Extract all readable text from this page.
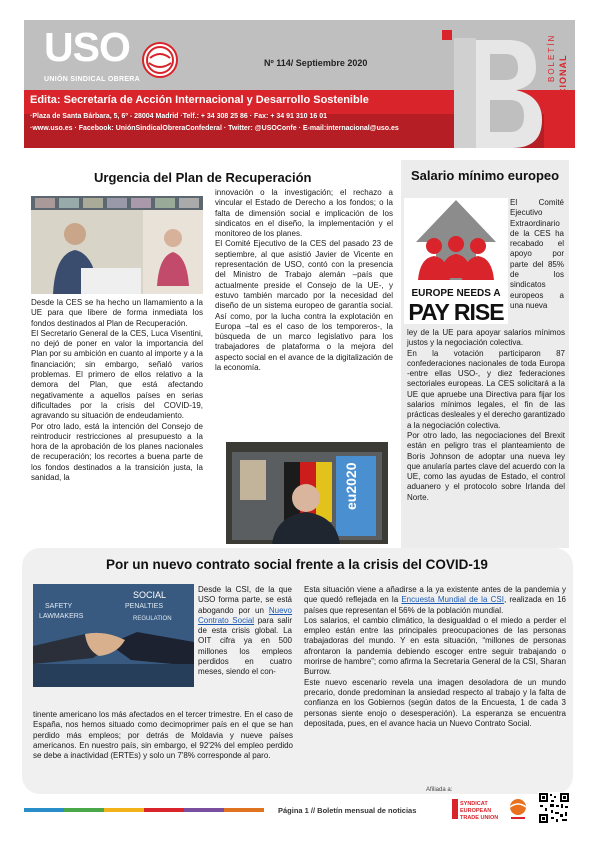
USO
UNIÓN SINDICAL OBRERA
Nº 114/ Septiembre 2020	BOLETÍN INTERNACIONAL
Edita: Secretaría de Acción Internacional y Desarrollo Sostenible
·Plaza de Santa Bárbara, 5, 6º - 28004 Madrid ·Telf.: + 34 308 25 86 · Fax: + 34 91 310 16 01
·www.uso.es · Facebook: UniónSindicalObreraConfederal · Twitter: @USOConfe · E-mail:internacional@uso.es
Urgencia del Plan de Recuperación
Desde la CES se ha hecho un llamamiento a la UE para que libere de forma inmediata los fondos destinados al Plan de Recuperación.
El Secretario General de la CES, Luca Visentini, no dejó de poner en valor la importancia del Plan por su ambición en cuanto al importe y a la financiación; sin embargo, señaló varios problemas. El primero de ellos relativo a la demora del Plan, que está afectando negativamente a aquellos países en serias dificultades por la crisis del COVID-19, agravando su situación de endeudamiento.
Por otro lado, está la intención del Consejo de reintroducir restricciones al presupuesto a la hora de la aprobación de los planes nacionales de recuperación; los recortes a buena parte de los fondos destinados a la transición justa, la sanidad, la
innovación o la investigación; el rechazo a vincular el Estado de Derecho a los fondos; o la falta de dimensión social e implicación de los sindicatos en el diseño, la implementación y el monitoreo de los planes.
El Comité Ejecutivo de la CES del pasado 23 de septiembre, al que asistió Javier de Vicente en representación de USO, contó con la presencia del Ministro de Trabajo alemán –país que actualmente preside el Consejo de la UE-, y estuvo también marcado por la necesidad del diseño de un sistema europeo de garantía social. Así como, por la lucha contra la explotación en Europa –tal es el caso de los temporeros-, la búsqueda de un marco legislativo para los trabajadores de plataforma o la mejora del aspecto social en el avance de la digitalización de la economía.
eu2020
Salario mínimo europeo
EUROPE NEEDS A
PAY RISE
El Comité Ejecutivo Extraordinario de la CES ha recabado el apoyo por parte del 85% de los sindicatos europeos a una nueva
ley de la UE para apoyar salarios mínimos justos y la negociación colectiva.
En la votación participaron 87 confederaciones nacionales de toda Europa -entre ellas USO-, y diez federaciones sectoriales europeas. La CES solicitará a la UE que apruebe una Directiva para fijar los salarios mínimos legales, el fin de las prácticas desleales y el derecho garantizado a la negociación colectiva.
Por otro lado, las negociaciones del Brexit están en peligro tras el planteamiento de Boris Johnson de adoptar una nueva ley que anularía partes clave del acuerdo con la UE, como las ayudas de Estado, el control aduanero y el protocolo sobre Irlanda del Norte.
Por un nuevo contrato social frente a la crisis del COVID-19
SAFETY
LAWMAKERS
PENALTIES
SOCIAL
REGULATION
Desde la CSI, de la que USO forma parte, se está abogando por un Nuevo Contrato Social para salir de esta crisis global. La OIT cifra ya en 500 millones los empleos perdidos en cuatro meses, siendo el con-
tinente americano los más afectados en el tercer trimestre. En el caso de España, nos hemos situado como decimoprimer país en el que se han perdido más empleos; por detrás de Moldavia y nueve países americanos. En nuestro país, sin embargo, el 92'2% del empleo perdido se debe a inactividad (ERTEs) y solo un 7'8% corresponde al paro.
Esta situación viene a añadirse a la ya existente antes de la pandemia y que quedó reflejada en la Encuesta Mundial de la CSI, realizada en 16 países que representan el 56% de la población mundial.
Los salarios, el cambio climático, la desigualdad o el miedo a perder el empleo están entre las principales preocupaciones de las personas trabajadoras del mundo. Y en esta situación, “millones de personas afrontaron la pandemia debiendo escoger entre seguir trabajando o morirse de hambre”; como afirma la Secretaria General de la CSI, Sharan Burrow.
Este nuevo escenario revela una imagen desoladora de un mundo precario, donde predominan la ansiedad respecto al trabajo y la falta de confianza en los Gobiernos (según datos de la Encuesta, 1 de cada 3 personas siente enojo o desesperación). La esperanza se encuentra depositada, pues, en el avance hacia un Nuevo Contrato Social.
Página 1 // Boletín mensual de noticias
Afiliada a:
SYNDICAT
EUROPEAN
TRADE UNION
